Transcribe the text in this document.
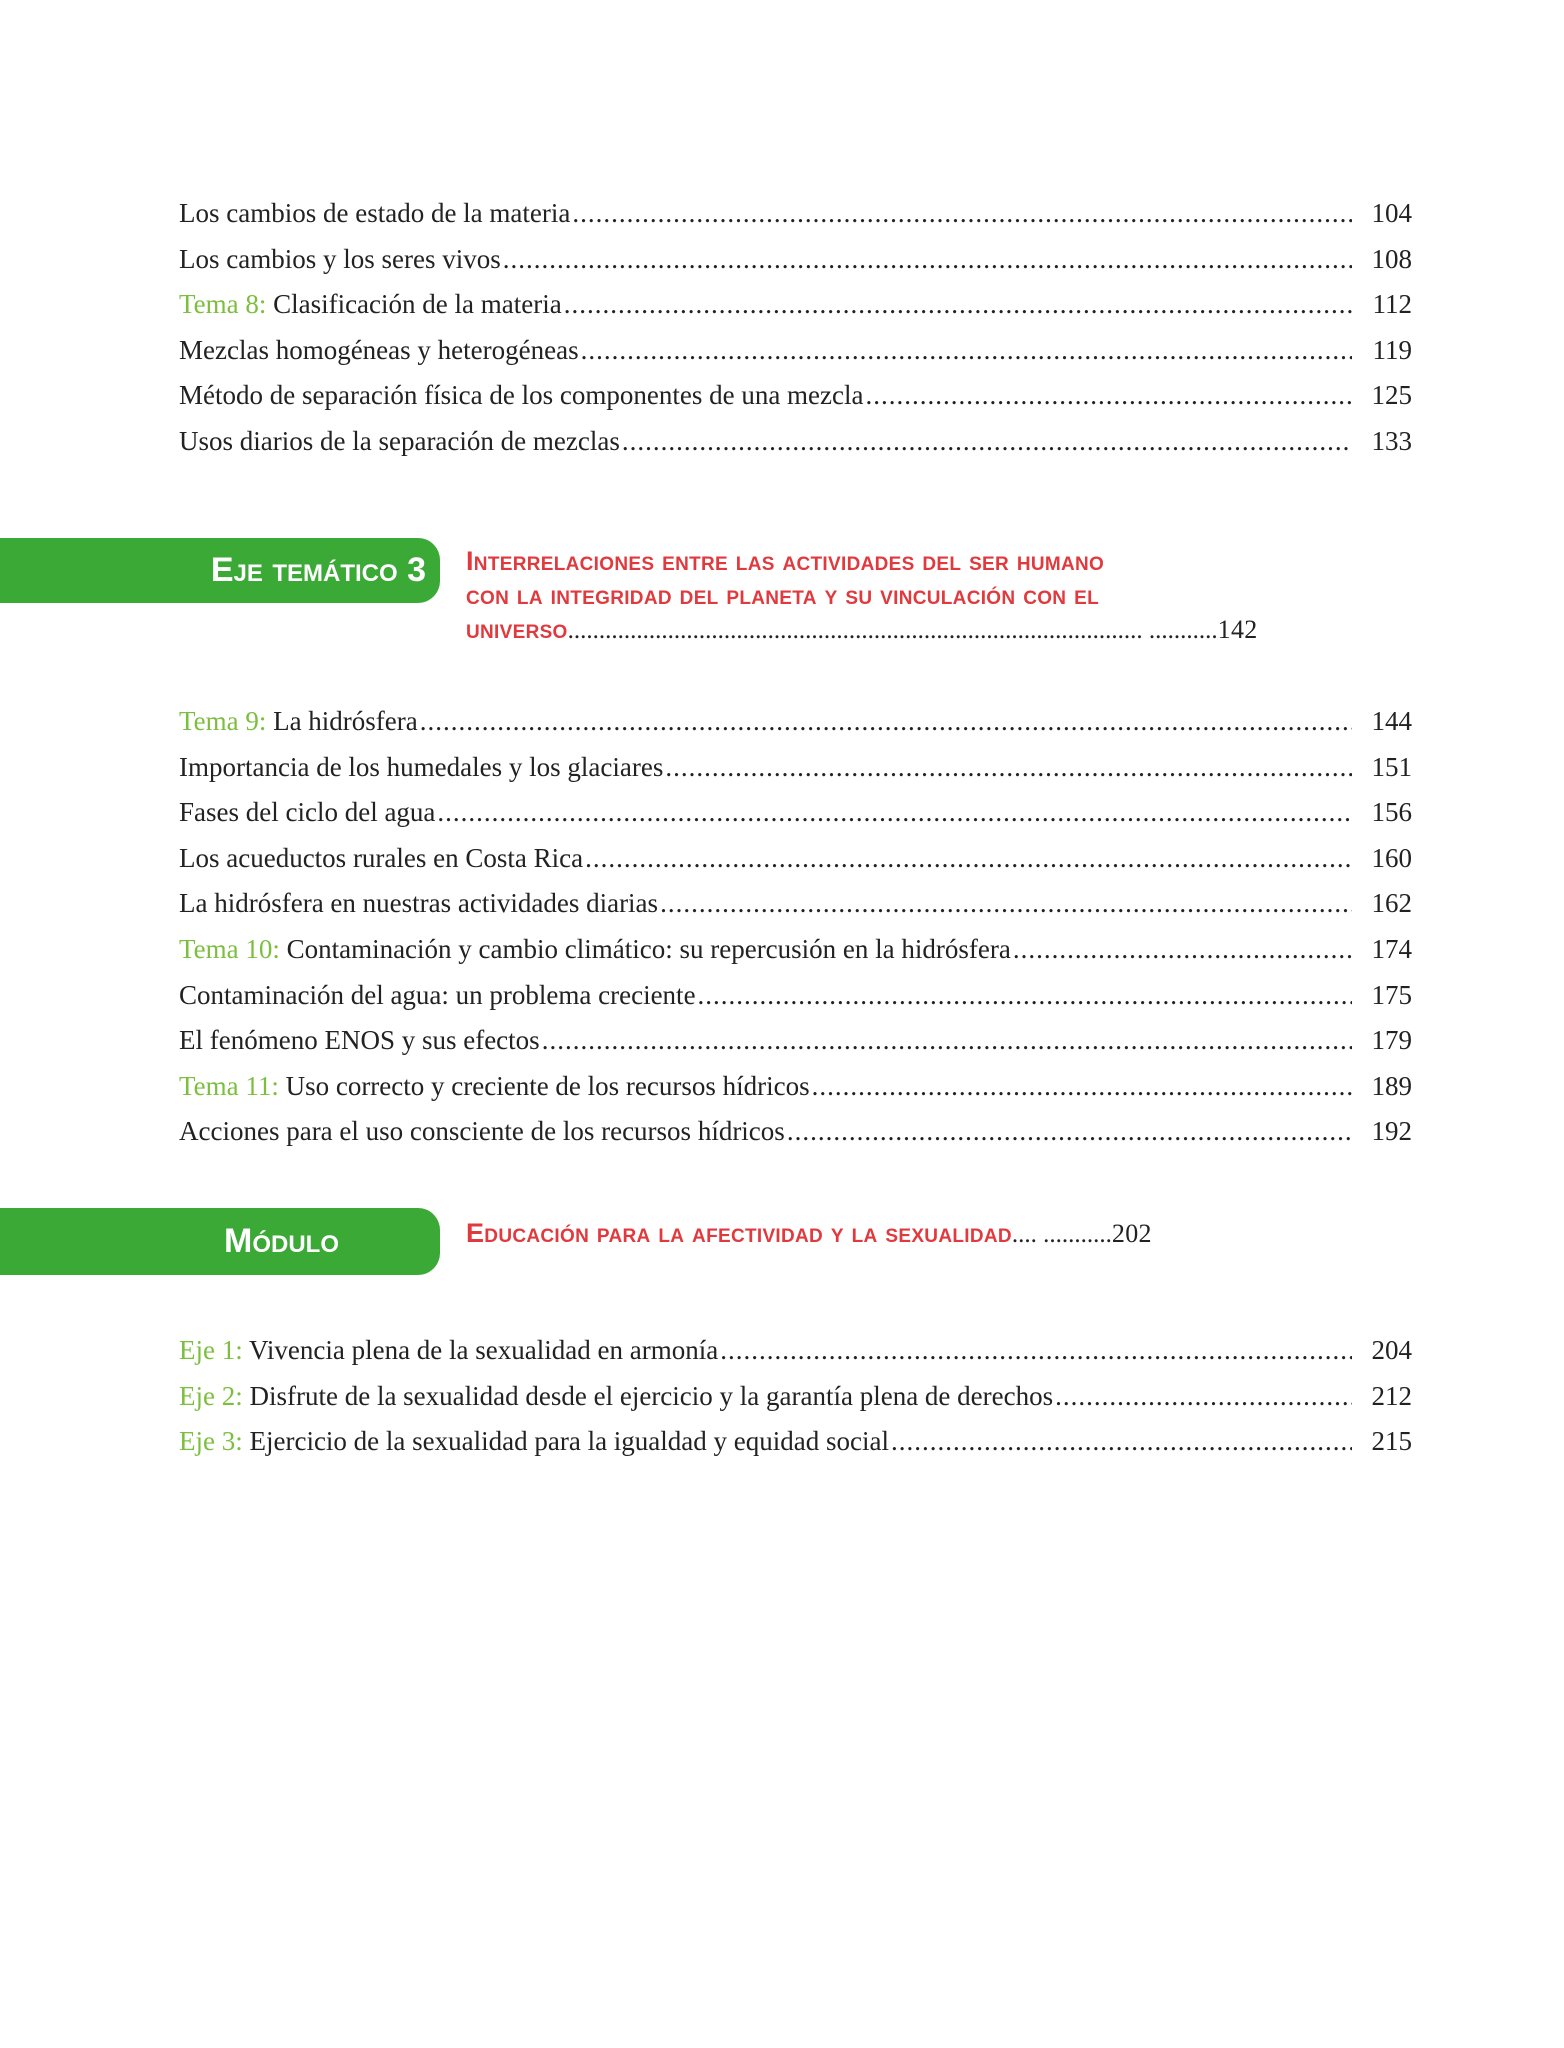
Los cambios de estado de la materia .....	104
Los cambios y los seres vivos .....	108
Tema 8: Clasificación de la materia .....	112
Mezclas homogéneas y heterogéneas .....	119
Método de separación física de los componentes de una mezcla .....	125
Usos diarios de la separación de mezclas .....	133
Eje temático 3 Interrelaciones entre las actividades del ser humano
con la integridad del planeta y su vinculación con el
universo............................................................................................ ...........142
Tema 9: La hidrósfera .....	144
Importancia de los humedales y los glaciares .....	151
Fases del ciclo del agua .....	156
Los acueductos rurales en Costa Rica .....	160
La hidrósfera en nuestras actividades diarias .....	162
Tema 10: Contaminación y cambio climático: su repercusión en la hidrósfera .....	174
Contaminación del agua: un problema creciente .....	175
El fenómeno ENOS y sus efectos .....	179
Tema 11: Uso correcto y creciente de los recursos hídricos .....	189
Acciones para el uso consciente de los recursos hídricos .....	192
Módulo	Educación para la afectividad y la sexualidad.... ...........202
Eje 1: Vivencia plena de la sexualidad en armonía .....	204
Eje 2: Disfrute de la sexualidad desde el ejercicio y la garantía plena de derechos .....	212
Eje 3: Ejercicio de la sexualidad para la igualdad y equidad social .....	215
